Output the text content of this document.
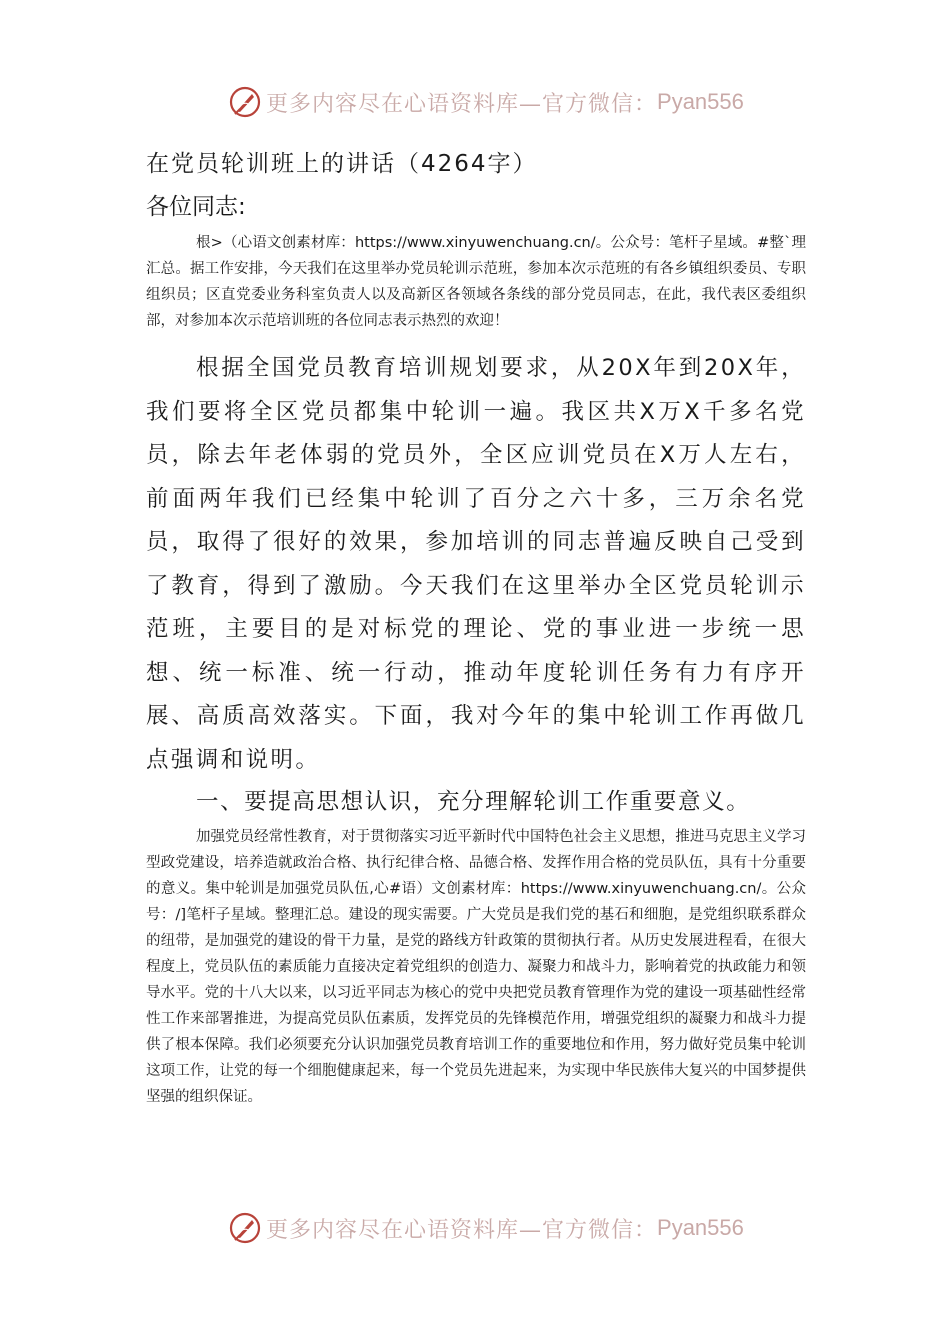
更多内容尽在心语资料库—官方微信： Pyan556
在党员轮训班上的讲话（4264字）
各位同志:
根>（心语文创素材库：https://www.xinyuwenchuang.cn/。公众号：笔杆子星域。#整`理汇总。据工作安排，今天我们在这里举办党员轮训示范班，参加本次示范班的有各乡镇组织委员、专职组织员；区直党委业务科室负责人以及高新区各领域各条线的部分党员同志，在此，我代表区委组织部，对参加本次示范培训班的各位同志表示热烈的欢迎！
根据全国党员教育培训规划要求，从20X年到20X年，我们要将全区党员都集中轮训一遍。我区共X万X千多名党员，除去年老体弱的党员外，全区应训党员在X万人左右，前面两年我们已经集中轮训了百分之六十多，三万余名党员，取得了很好的效果，参加培训的同志普遍反映自己受到了教育，得到了激励。今天我们在这里举办全区党员轮训示范班，主要目的是对标党的理论、党的事业进一步统一思想、统一标准、统一行动，推动年度轮训任务有力有序开展、高质高效落实。下面，我对今年的集中轮训工作再做几点强调和说明。
一、要提高思想认识，充分理解轮训工作重要意义。
加强党员经常性教育，对于贯彻落实习近平新时代中国特色社会主义思想，推进马克思主义学习型政党建设，培养造就政治合格、执行纪律合格、品德合格、发挥作用合格的党员队伍，具有十分重要的意义。集中轮训是加强党员队伍,心#语）文创素材库：https://www.xinyuwenchuang.cn/。公众号：/]笔杆子星域。整理汇总。建设的现实需要。广大党员是我们党的基石和细胞，是党组织联系群众的纽带，是加强党的建设的骨干力量，是党的路线方针政策的贯彻执行者。从历史发展进程看，在很大程度上，党员队伍的素质能力直接决定着党组织的创造力、凝聚力和战斗力，影响着党的执政能力和领导水平。党的十八大以来，以习近平同志为核心的党中央把党员教育管理作为党的建设一项基础性经常性工作来部署推进，为提高党员队伍素质，发挥党员的先锋模范作用，增强党组织的凝聚力和战斗力提供了根本保障。我们必须要充分认识加强党员教育培训工作的重要地位和作用，努力做好党员集中轮训这项工作，让党的每一个细胞健康起来，每一个党员先进起来，为实现中华民族伟大复兴的中国梦提供坚强的组织保证。
更多内容尽在心语资料库—官方微信： Pyan556
